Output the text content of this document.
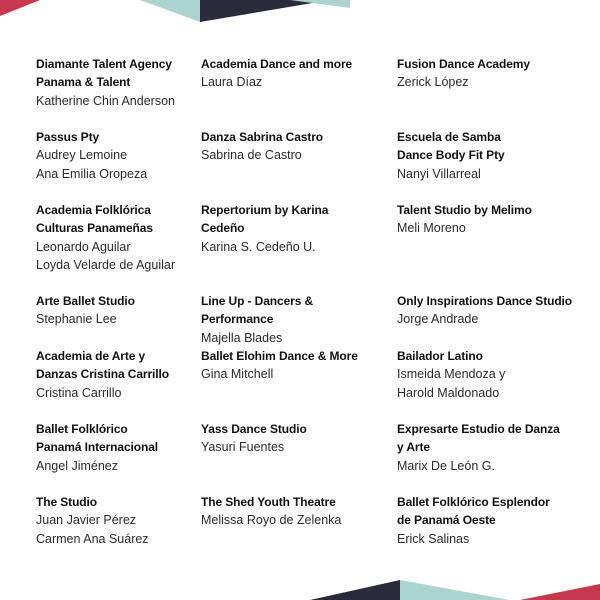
Diamante Talent Agency
Panama & Talent
Katherine Chin Anderson
Academia Dance and more
Laura Díaz
Fusion Dance Academy
Zerick López
Passus Pty
Audrey Lemoine
Ana Emilia Oropeza
Danza Sabrina Castro
Sabrina de Castro
Escuela de Samba
Dance Body Fit Pty
Nanyi Villarreal
Academia Folklórica
Culturas Panameñas
Leonardo Aguilar
Loyda Velarde de Aguilar
Repertorium by Karina
Cedeño
Karina S. Cedeño U.
Talent Studio by Melimo
Meli Moreno
Arte Ballet Studio
Stephanie Lee
Line Up - Dancers & Performance
Majella Blades
Only Inspirations Dance Studio
Jorge Andrade
Academia de Arte y
Danzas Cristina Carrillo
Cristina Carrillo
Ballet Elohim Dance & More
Gina Mitchell
Bailador Latino
Ismeida Mendoza y
Harold Maldonado
Ballet Folklórico
Panamá Internacional
Angel Jiménez
Yass Dance Studio
Yasuri Fuentes
Expresarte Estudio de Danza
y Arte
Marix De León G.
The Studio
Juan Javier Pérez
Carmen Ana Suárez
The Shed Youth Theatre
Melissa Royo de Zelenka
Ballet Folklórico Esplendor
de Panamá Oeste
Erick Salinas
